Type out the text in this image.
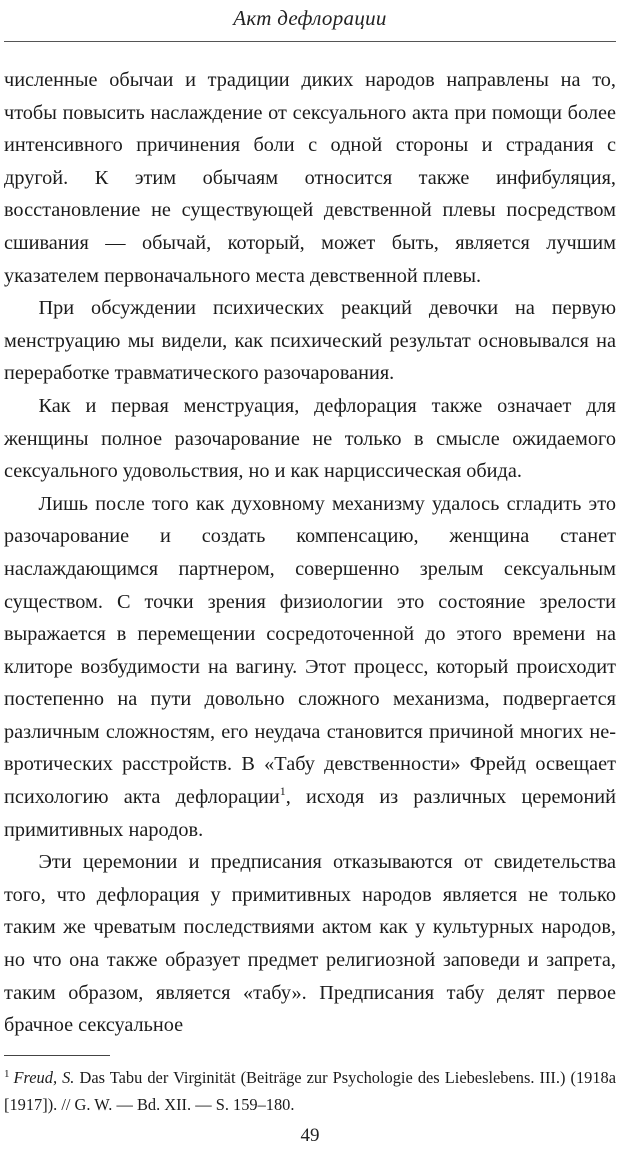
Акт дефлорации

численные обычаи и традиции диких народов направлены на то, чтобы повысить наслаждение от сексуального акта при помощи более интенсивного причинения боли с одной стороны и страдания с другой. К этим обычаям относится также инфибуляция, восстановление не существующей девственной плевы посредством сшивания — обычай, который, может быть, является лучшим указателем первоначального места девственной плевы.

При обсуждении психических реакций девочки на первую менструацию мы видели, как психический результат основывался на переработке травматического разочарования.

Как и первая менструация, дефлорация также означает для женщины полное разочарование не только в смысле ожидаемого сексуального удовольствия, но и как нарциссическая обида.

Лишь после того как духовному механизму удалось сгладить это разочарование и создать компенсацию, женщина станет наслаждающимся партнером, совершенно зрелым сексуальным существом. С точки зрения физиологии это состояние зрелости выражается в перемещении сосредоточенной до этого времени на клиторе возбудимости на вагину. Этот процесс, который происходит постепенно на пути довольно сложного механизма, подвергается различным сложностям, его неудача становится причиной многих невротических расстройств. В «Табу девственности» Фрейд освещает психологию акта дефлорации$^1$, исходя из различных церемоний примитивных народов.

Эти церемонии и предписания отказываются от свидетельства того, что дефлорация у примитивных народов является не только таким же чреватым последствиями актом как у культурных народов, но что она также образует предмет религиозной заповеди и запрета, таким образом, является «табу». Предписания табу делят первое брачное сексуальное

$^1$ Freud, S. Das Tabu der Virginität (Beiträge zur Psychologie des Liebeslebens. III.) (1918a [1917]). // G. W. — Bd. XII. — S. 159–180.
49
